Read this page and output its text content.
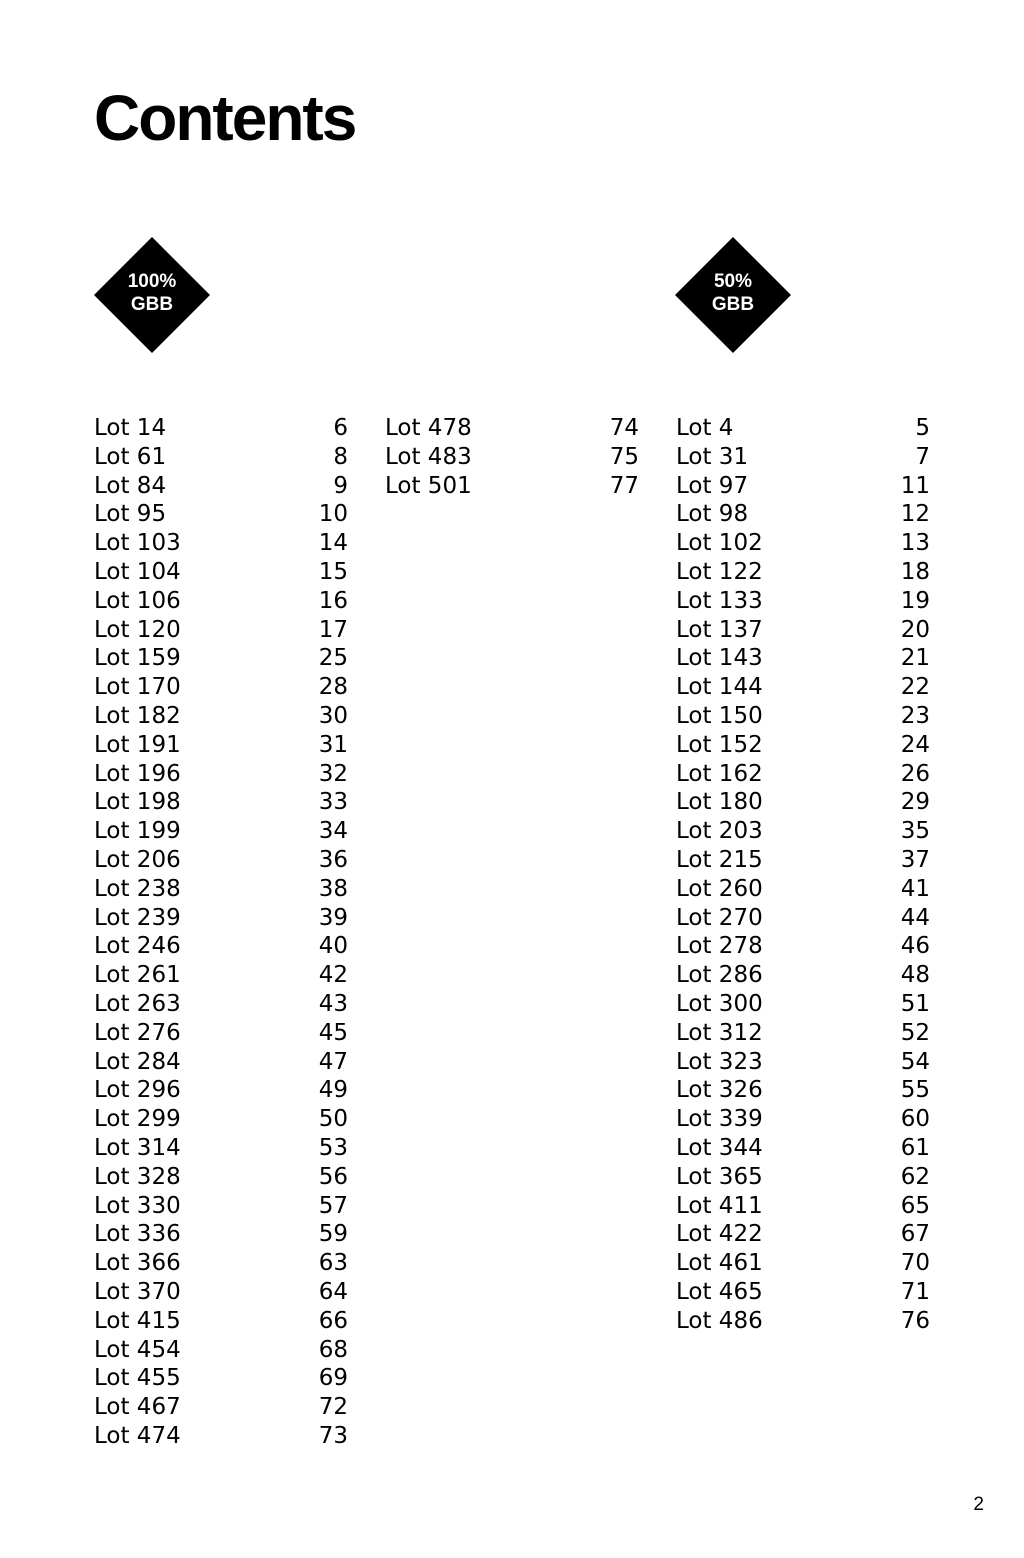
Contents
100%
GBB
50%
GBB
Lot 14	6
Lot 61	8
Lot 84	9
Lot 95	10
Lot 103	14
Lot 104	15
Lot 106	16
Lot 120	17
Lot 159	25
Lot 170	28
Lot 182	30
Lot 191	31
Lot 196	32
Lot 198	33
Lot 199	34
Lot 206	36
Lot 238	38
Lot 239	39
Lot 246	40
Lot 261	42
Lot 263	43
Lot 276	45
Lot 284	47
Lot 296	49
Lot 299	50
Lot 314	53
Lot 328	56
Lot 330	57
Lot 336	59
Lot 366	63
Lot 370	64
Lot 415	66
Lot 454	68
Lot 455	69
Lot 467	72
Lot 474	73
Lot 478	74
Lot 483	75
Lot 501	77
Lot 4	5
Lot 31	7
Lot 97	11
Lot 98	12
Lot 102	13
Lot 122	18
Lot 133	19
Lot 137	20
Lot 143	21
Lot 144	22
Lot 150	23
Lot 152	24
Lot 162	26
Lot 180	29
Lot 203	35
Lot 215	37
Lot 260	41
Lot 270	44
Lot 278	46
Lot 286	48
Lot 300	51
Lot 312	52
Lot 323	54
Lot 326	55
Lot 339	60
Lot 344	61
Lot 365	62
Lot 411	65
Lot 422	67
Lot 461	70
Lot 465	71
Lot 486	76
2
